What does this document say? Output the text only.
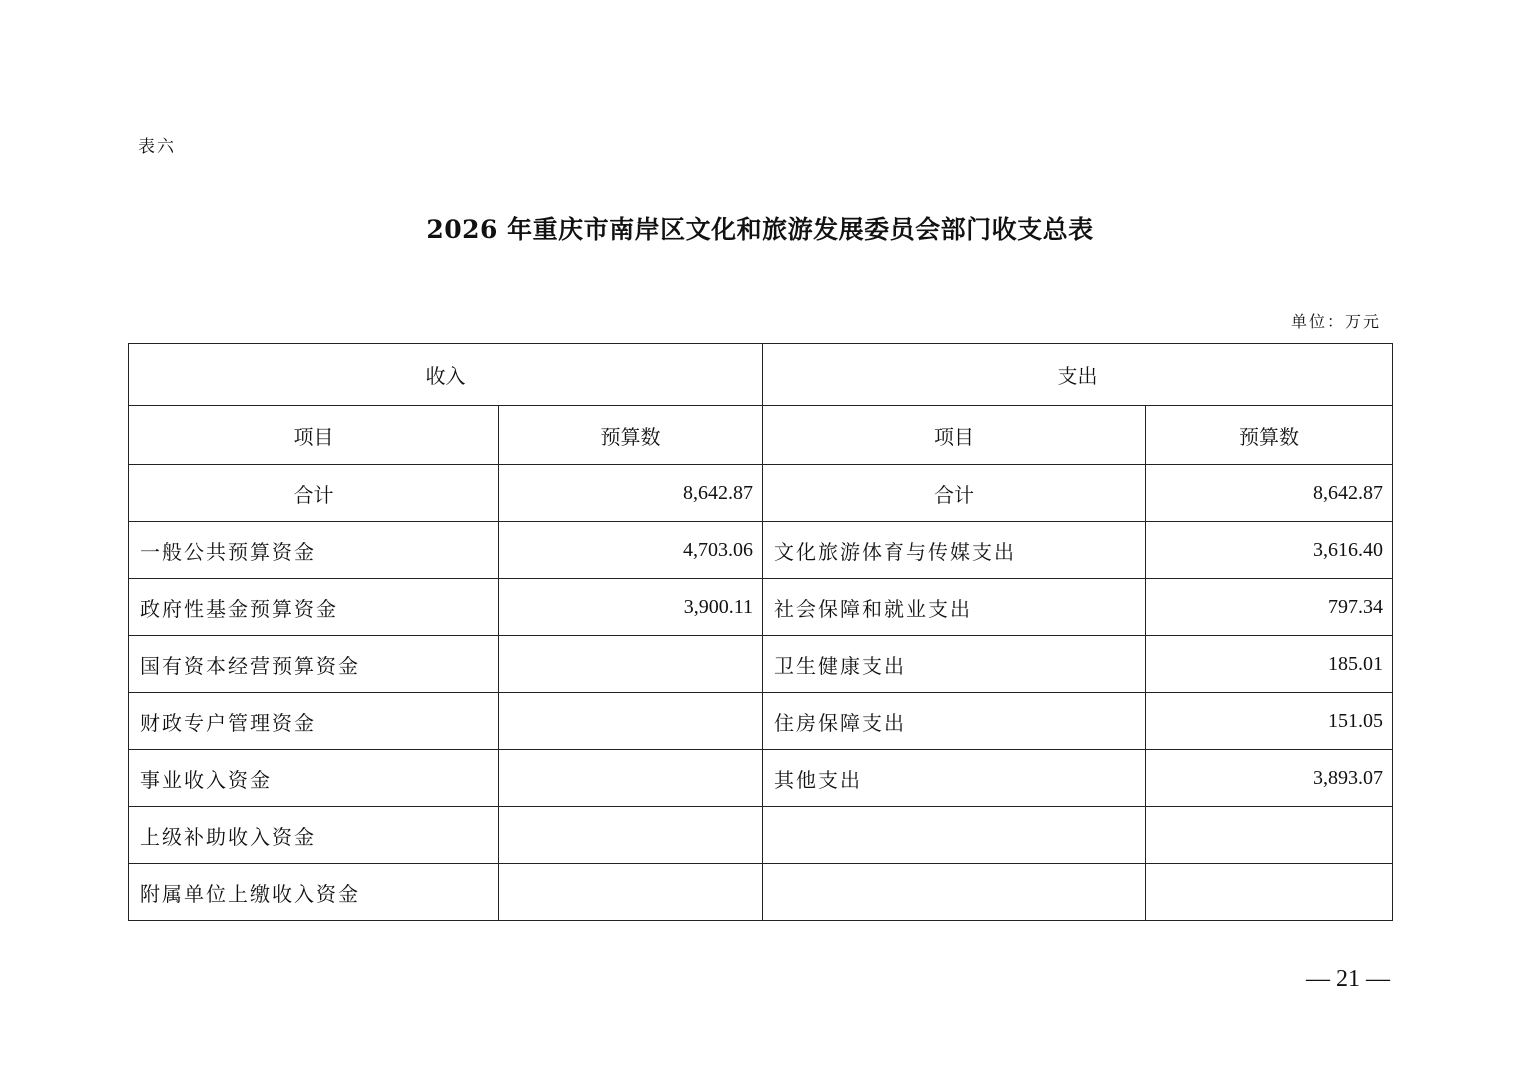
表六
2026 年重庆市南岸区文化和旅游发展委员会部门收支总表
单位：万元
收入		支出	
项目	预算数	项目	预算数
合计	8,642.87	合计	8,642.87
一般公共预算资金	4,703.06	文化旅游体育与传媒支出	3,616.40
政府性基金预算资金	3,900.11	社会保障和就业支出	797.34
国有资本经营预算资金		卫生健康支出	185.01
财政专户管理资金		住房保障支出	151.05
事业收入资金		其他支出	3,893.07
上级补助收入资金			
附属单位上缴收入资金			
— 21 —
